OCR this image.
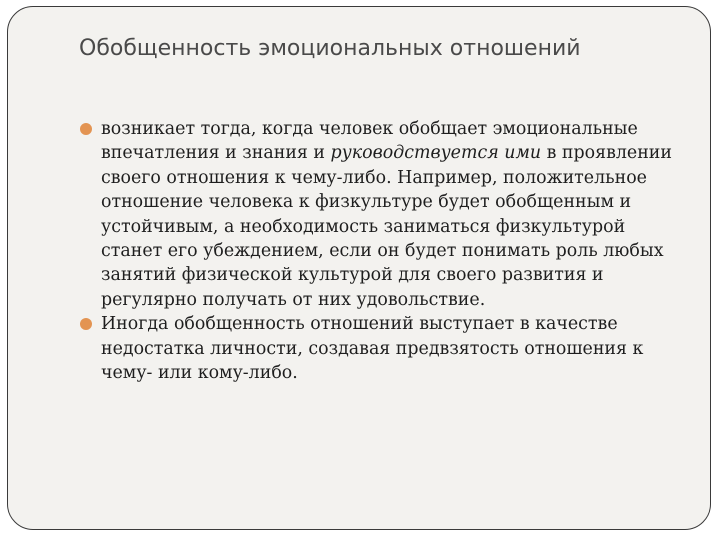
Обобщенность эмоциональных отношений

возникает тогда, когда человек обобщает эмоциональные впечатления и знания и руководствуется ими в проявлении своего отношения к чему-либо. Например, положительное отношение человека к физкультуре будет обобщенным и устойчивым, а необходимость заниматься физкультурой станет его убеждением, если он будет понимать роль любых занятий физической культурой для своего развития и регулярно получать от них удовольствие.

Иногда обобщенность отношений выступает в качестве недостатка личности, создавая предвзятость отношения к чему- или кому-либо.
